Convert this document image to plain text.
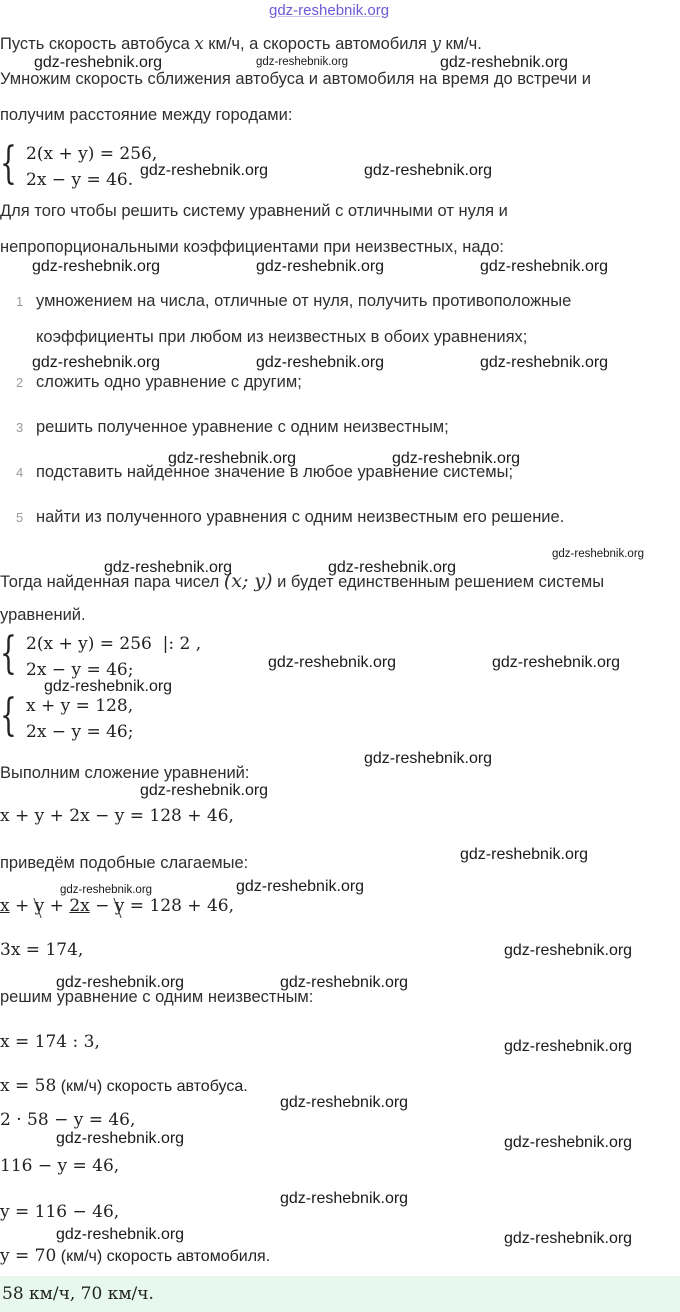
gdz-reshebnik.org
Пусть скорость автобуса x км/ч, а скорость автомобиля y км/ч.
Умножим скорость сближения автобуса и автомобиля на время до встречи и
получим расстояние между городами:
{ 2(x + y) = 256,
2x − y = 46.
Для того чтобы решить систему уравнений с отличными от нуля и
непропорциональными коэффициентами при неизвестных, надо:
1 умножением на числа, отличные от нуля, получить противоположные
коэффициенты при любом из неизвестных в обоих уравнениях;
2 сложить одно уравнение с другим;
3 решить полученное уравнение с одним неизвестным;
4 подставить найденное значение в любое уравнение системы;
5 найти из полученного уравнения с одним неизвестным его решение.
Тогда найденная пара чисел (x; y) и будет единственным решением системы
уравнений.
{ 2(x + y) = 256 |: 2 ,
2x − y = 46;
{ x + y = 128,
2x − y = 46;
Выполним сложение уравнений:
x + y + 2x − y = 128 + 46,
приведём подобные слагаемые:
x + y + 2x − y = 128 + 46,
3x = 174,
решим уравнение с одним неизвестным:
x = 174 : 3,
x = 58 (км/ч) скорость автобуса.
2 · 58 − y = 46,
116 − y = 46,
y = 116 − 46,
y = 70 (км/ч) скорость автомобиля.
58 км/ч, 70 км/ч.
gdz-reshebnik.org	gdz-reshebnik.org	gdz-reshebnik.org
gdz-reshebnik.org	gdz-reshebnik.org
gdz-reshebnik.org	gdz-reshebnik.org	gdz-reshebnik.org
gdz-reshebnik.org	gdz-reshebnik.org	gdz-reshebnik.org
gdz-reshebnik.org	gdz-reshebnik.org
gdz-reshebnik.org
gdz-reshebnik.org	gdz-reshebnik.org
gdz-reshebnik.org	gdz-reshebnik.org
gdz-reshebnik.org
gdz-reshebnik.org
gdz-reshebnik.org
gdz-reshebnik.org
gdz-reshebnik.org	gdz-reshebnik.org
gdz-reshebnik.org
gdz-reshebnik.org	gdz-reshebnik.org
gdz-reshebnik.org
gdz-reshebnik.org
gdz-reshebnik.org	gdz-reshebnik.org
gdz-reshebnik.org
gdz-reshebnik.org	gdz-reshebnik.org
